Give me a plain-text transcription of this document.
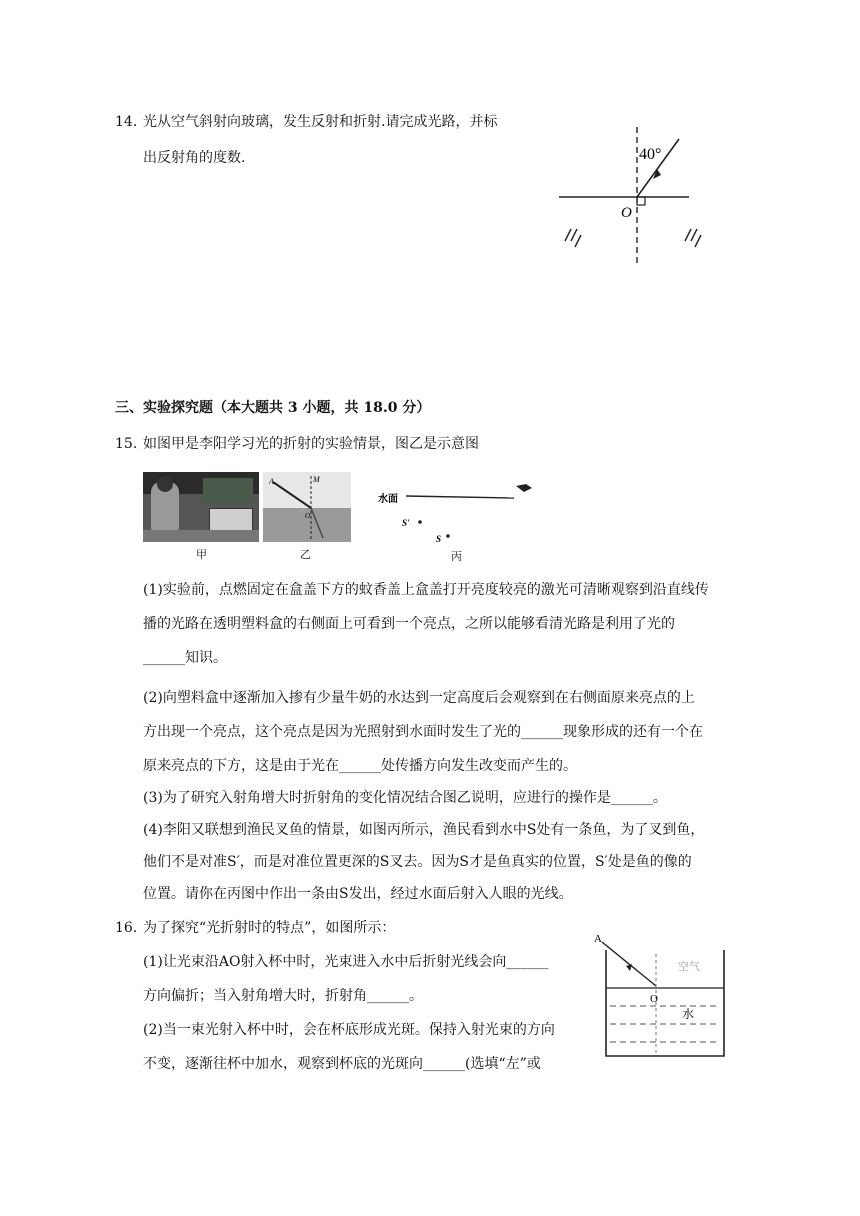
14. 光从空气斜射向玻璃，发生反射和折射.请完成光路，并标
出反射角的度数.	40°
O
三、实验探究题（本大题共 3 小题，共 18.0 分）
15. 如图甲是李阳学习光的折射的实验情景，图乙是示意图
甲
A	M
O
乙
水面
S'
S
丙
(1)实验前，点燃固定在盒盖下方的蚊香盖上盒盖打开亮度较亮的激光可清晰观察到沿直线传
播的光路在透明塑料盒的右侧面上可看到一个亮点，之所以能够看清光路是利用了光的
______知识。
(2)向塑料盒中逐渐加入掺有少量牛奶的水达到一定高度后会观察到在右侧面原来亮点的上
方出现一个亮点，这个亮点是因为光照射到水面时发生了光的______现象形成的还有一个在
原来亮点的下方，这是由于光在______处传播方向发生改变而产生的。
(3)为了研究入射角增大时折射角的变化情况结合图乙说明，应进行的操作是______。
(4)李阳又联想到渔民叉鱼的情景，如图丙所示，渔民看到水中S处有一条鱼，为了叉到鱼，
他们不是对准S′，而是对准位置更深的S叉去。因为S才是鱼真实的位置，S′处是鱼的像的
位置。请你在丙图中作出一条由S发出，经过水面后射入人眼的光线。
16. 为了探究“光折射时的特点”，如图所示：
(1)让光束沿AO射入杯中时，光束进入水中后折射光线会向______
方向偏折；当入射角增大时，折射角______。
(2)当一束光射入杯中时，会在杯底形成光斑。保持入射光束的方向
不变，逐渐往杯中加水，观察到杯底的光斑向______(选填“左”或
A
O
空气
水
